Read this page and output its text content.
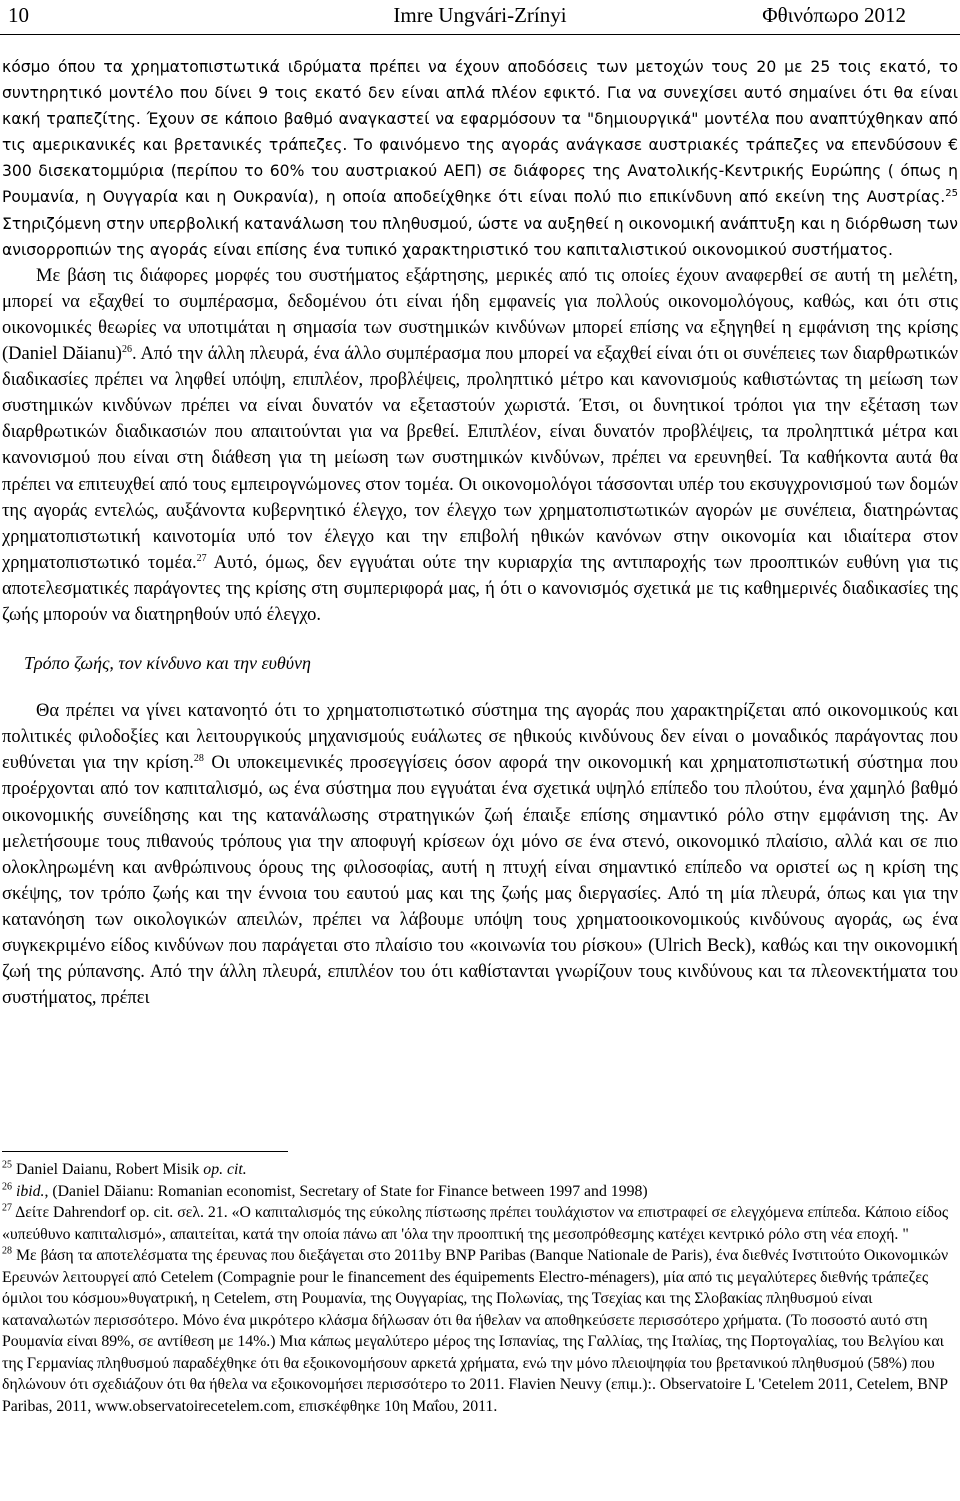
10	Imre Ungvári-Zrínyi	Φθινόπωρο 2012

κόσμο όπου τα χρηματοπιστωτικά ιδρύματα πρέπει να έχουν αποδόσεις των μετοχών τους 20 με 25 τοις εκατό, το συντηρητικό μοντέλο που δίνει 9 τοις εκατό δεν είναι απλά πλέον εφικτό. Για να συνεχίσει αυτό σημαίνει ότι θα είναι κακή τραπεζίτης. Έχουν σε κάποιο βαθμό αναγκαστεί να εφαρμόσουν τα "δημιουργικά" μοντέλα που αναπτύχθηκαν από τις αμερικανικές και βρετανικές τράπεζες. Το φαινόμενο της αγοράς ανάγκασε αυστριακές τράπεζες να επενδύσουν € 300 δισεκατομμύρια (περίπου το 60% του αυστριακού ΑΕΠ) σε διάφορες της Ανατολικής-Κεντρικής Ευρώπης ( όπως η Ρουμανία, η Ουγγαρία και η Ουκρανία), η οποία αποδείχθηκε ότι είναι πολύ πιο επικίνδυνη από εκείνη της Αυστρίας.$^{25}$ Στηριζόμενη στην υπερβολική κατανάλωση του πληθυσμού, ώστε να αυξηθεί η οικονομική ανάπτυξη και η διόρθωση των ανισορροπιών της αγοράς είναι επίσης ένα τυπικό χαρακτηριστικό του καπιταλιστικού οικονομικού συστήματος.

Με βάση τις διάφορες μορφές του συστήματος εξάρτησης, μερικές από τις οποίες έχουν αναφερθεί σε αυτή τη μελέτη, μπορεί να εξαχθεί το συμπέρασμα, δεδομένου ότι είναι ήδη εμφανείς για πολλούς οικονομολόγους, καθώς, και ότι στις οικονομικές θεωρίες να υποτιμάται η σημασία των συστημικών κινδύνων μπορεί επίσης να εξηγηθεί η εμφάνιση της κρίσης (Daniel Dăianu)$^{26}$. Από την άλλη πλευρά, ένα άλλο συμπέρασμα που μπορεί να εξαχθεί είναι ότι οι συνέπειες των διαρθρωτικών διαδικασίες πρέπει να ληφθεί υπόψη, επιπλέον, προβλέψεις, προληπτικό μέτρο και κανονισμούς καθιστώντας τη μείωση των συστημικών κινδύνων πρέπει να είναι δυνατόν να εξεταστούν χωριστά. Έτσι, οι δυνητικοί τρόποι για την εξέταση των διαρθρωτικών διαδικασιών που απαιτούνται για να βρεθεί. Επιπλέον, είναι δυνατόν προβλέψεις, τα προληπτικά μέτρα και κανονισμού που είναι στη διάθεση για τη μείωση των συστημικών κινδύνων, πρέπει να ερευνηθεί. Τα καθήκοντα αυτά θα πρέπει να επιτευχθεί από τους εμπειρογνώμονες στον τομέα. Οι οικονομολόγοι τάσσονται υπέρ του εκσυγχρονισμού των δομών της αγοράς εντελώς, αυξάνοντα κυβερνητικό έλεγχο, τον έλεγχο των χρηματοπιστωτικών αγορών με συνέπεια, διατηρώντας χρηματοπιστωτική καινοτομία υπό τον έλεγχο και την επιβολή ηθικών κανόνων στην οικονομία και ιδιαίτερα στον χρηματοπιστωτικό τομέα.$^{27}$ Αυτό, όμως, δεν εγγυάται ούτε την κυριαρχία της αντιπαροχής των προοπτικών ευθύνη για τις αποτελεσματικές παράγοντες της κρίσης στη συμπεριφορά μας, ή ότι ο κανονισμός σχετικά με τις καθημερινές διαδικασίες της ζωής μπορούν να διατηρηθούν υπό έλεγχο.

Τρόπο ζωής, τον κίνδυνο και την ευθύνη

Θα πρέπει να γίνει κατανοητό ότι το χρηματοπιστωτικό σύστημα της αγοράς που χαρακτηρίζεται από οικονομικούς και πολιτικές φιλοδοξίες και λειτουργικούς μηχανισμούς ευάλωτες σε ηθικούς κινδύνους δεν είναι ο μοναδικός παράγοντας που ευθύνεται για την κρίση.$^{28}$ Οι υποκειμενικές προσεγγίσεις όσον αφορά την οικονομική και χρηματοπιστωτική σύστημα που προέρχονται από τον καπιταλισμό, ως ένα σύστημα που εγγυάται ένα σχετικά υψηλό επίπεδο του πλούτου, ένα χαμηλό βαθμό οικονομικής συνείδησης και της κατανάλωσης στρατηγικών ζωή έπαιξε επίσης σημαντικό ρόλο στην εμφάνιση της. Αν μελετήσουμε τους πιθανούς τρόπους για την αποφυγή κρίσεων όχι μόνο σε ένα στενό, οικονομικό πλαίσιο, αλλά και σε πιο ολοκληρωμένη και ανθρώπινους όρους της φιλοσοφίας, αυτή η πτυχή είναι σημαντικό επίπεδο να οριστεί ως η κρίση της σκέψης, τον τρόπο ζωής και την έννοια του εαυτού μας και της ζωής μας διεργασίες. Από τη μία πλευρά, όπως και για την κατανόηση των οικολογικών απειλών, πρέπει να λάβουμε υπόψη τους χρηματοοικονομικούς κινδύνους αγοράς, ως ένα συγκεκριμένο είδος κινδύνων που παράγεται στο πλαίσιο του «κοινωνία του ρίσκου» (Ulrich Beck), καθώς και την οικονομική ζωή της ρύπανσης. Από την άλλη πλευρά, επιπλέον του ότι καθίστανται γνωρίζουν τους κινδύνους και τα πλεονεκτήματα του συστήματος, πρέπει

$^{25}$ Daniel Daianu, Robert Misik op. cit.

$^{26}$ ibid., (Daniel Dăianu: Romanian economist, Secretary of State for Finance between 1997 and 1998)

$^{27}$ Δείτε Dahrendorf op. cit. σελ. 21. «Ο καπιταλισμός της εύκολης πίστωσης πρέπει τουλάχιστον να επιστραφεί σε ελεγχόμενα επίπεδα. Κάποιο είδος «υπεύθυνο καπιταλισμό», απαιτείται, κατά την οποία πάνω απ 'όλα την προοπτική της μεσοπρόθεσμης κατέχει κεντρικό ρόλο στη νέα εποχή. "

$^{28}$ Με βάση τα αποτελέσματα της έρευνας που διεξάγεται στο 2011by BNP Paribas (Banque Nationale de Paris), ένα διεθνές Ινστιτούτο Οικονομικών Ερευνών λειτουργεί από Cetelem (Compagnie pour le financement des équipements Electro-ménagers), μία από τις μεγαλύτερες διεθνής τράπεζες όμιλοι του κόσμου»θυγατρική, η Cetelem, στη Ρουμανία, της Ουγγαρίας, της Πολωνίας, της Τσεχίας και της Σλοβακίας πληθυσμού είναι καταναλωτών περισσότερο. Μόνο ένα μικρότερο κλάσμα δήλωσαν ότι θα ήθελαν να αποθηκεύσετε περισσότερο χρήματα. (Το ποσοστό αυτό στη Ρουμανία είναι 89%, σε αντίθεση με 14%.) Μια κάπως μεγαλύτερο μέρος της Ισπανίας, της Γαλλίας, της Ιταλίας, της Πορτογαλίας, του Βελγίου και της Γερμανίας πληθυσμού παραδέχθηκε ότι θα εξοικονομήσουν αρκετά χρήματα, ενώ την μόνο πλειοψηφία του βρετανικού πληθυσμού (58%) που δηλώνουν ότι σχεδιάζουν ότι θα ήθελα να εξοικονομήσει περισσότερο το 2011. Flavien Neuvy (επιμ.):. Observatoire L 'Cetelem 2011, Cetelem, BNP Paribas, 2011, www.observatoirecetelem.com, επισκέφθηκε 10η Μαΐου, 2011.
